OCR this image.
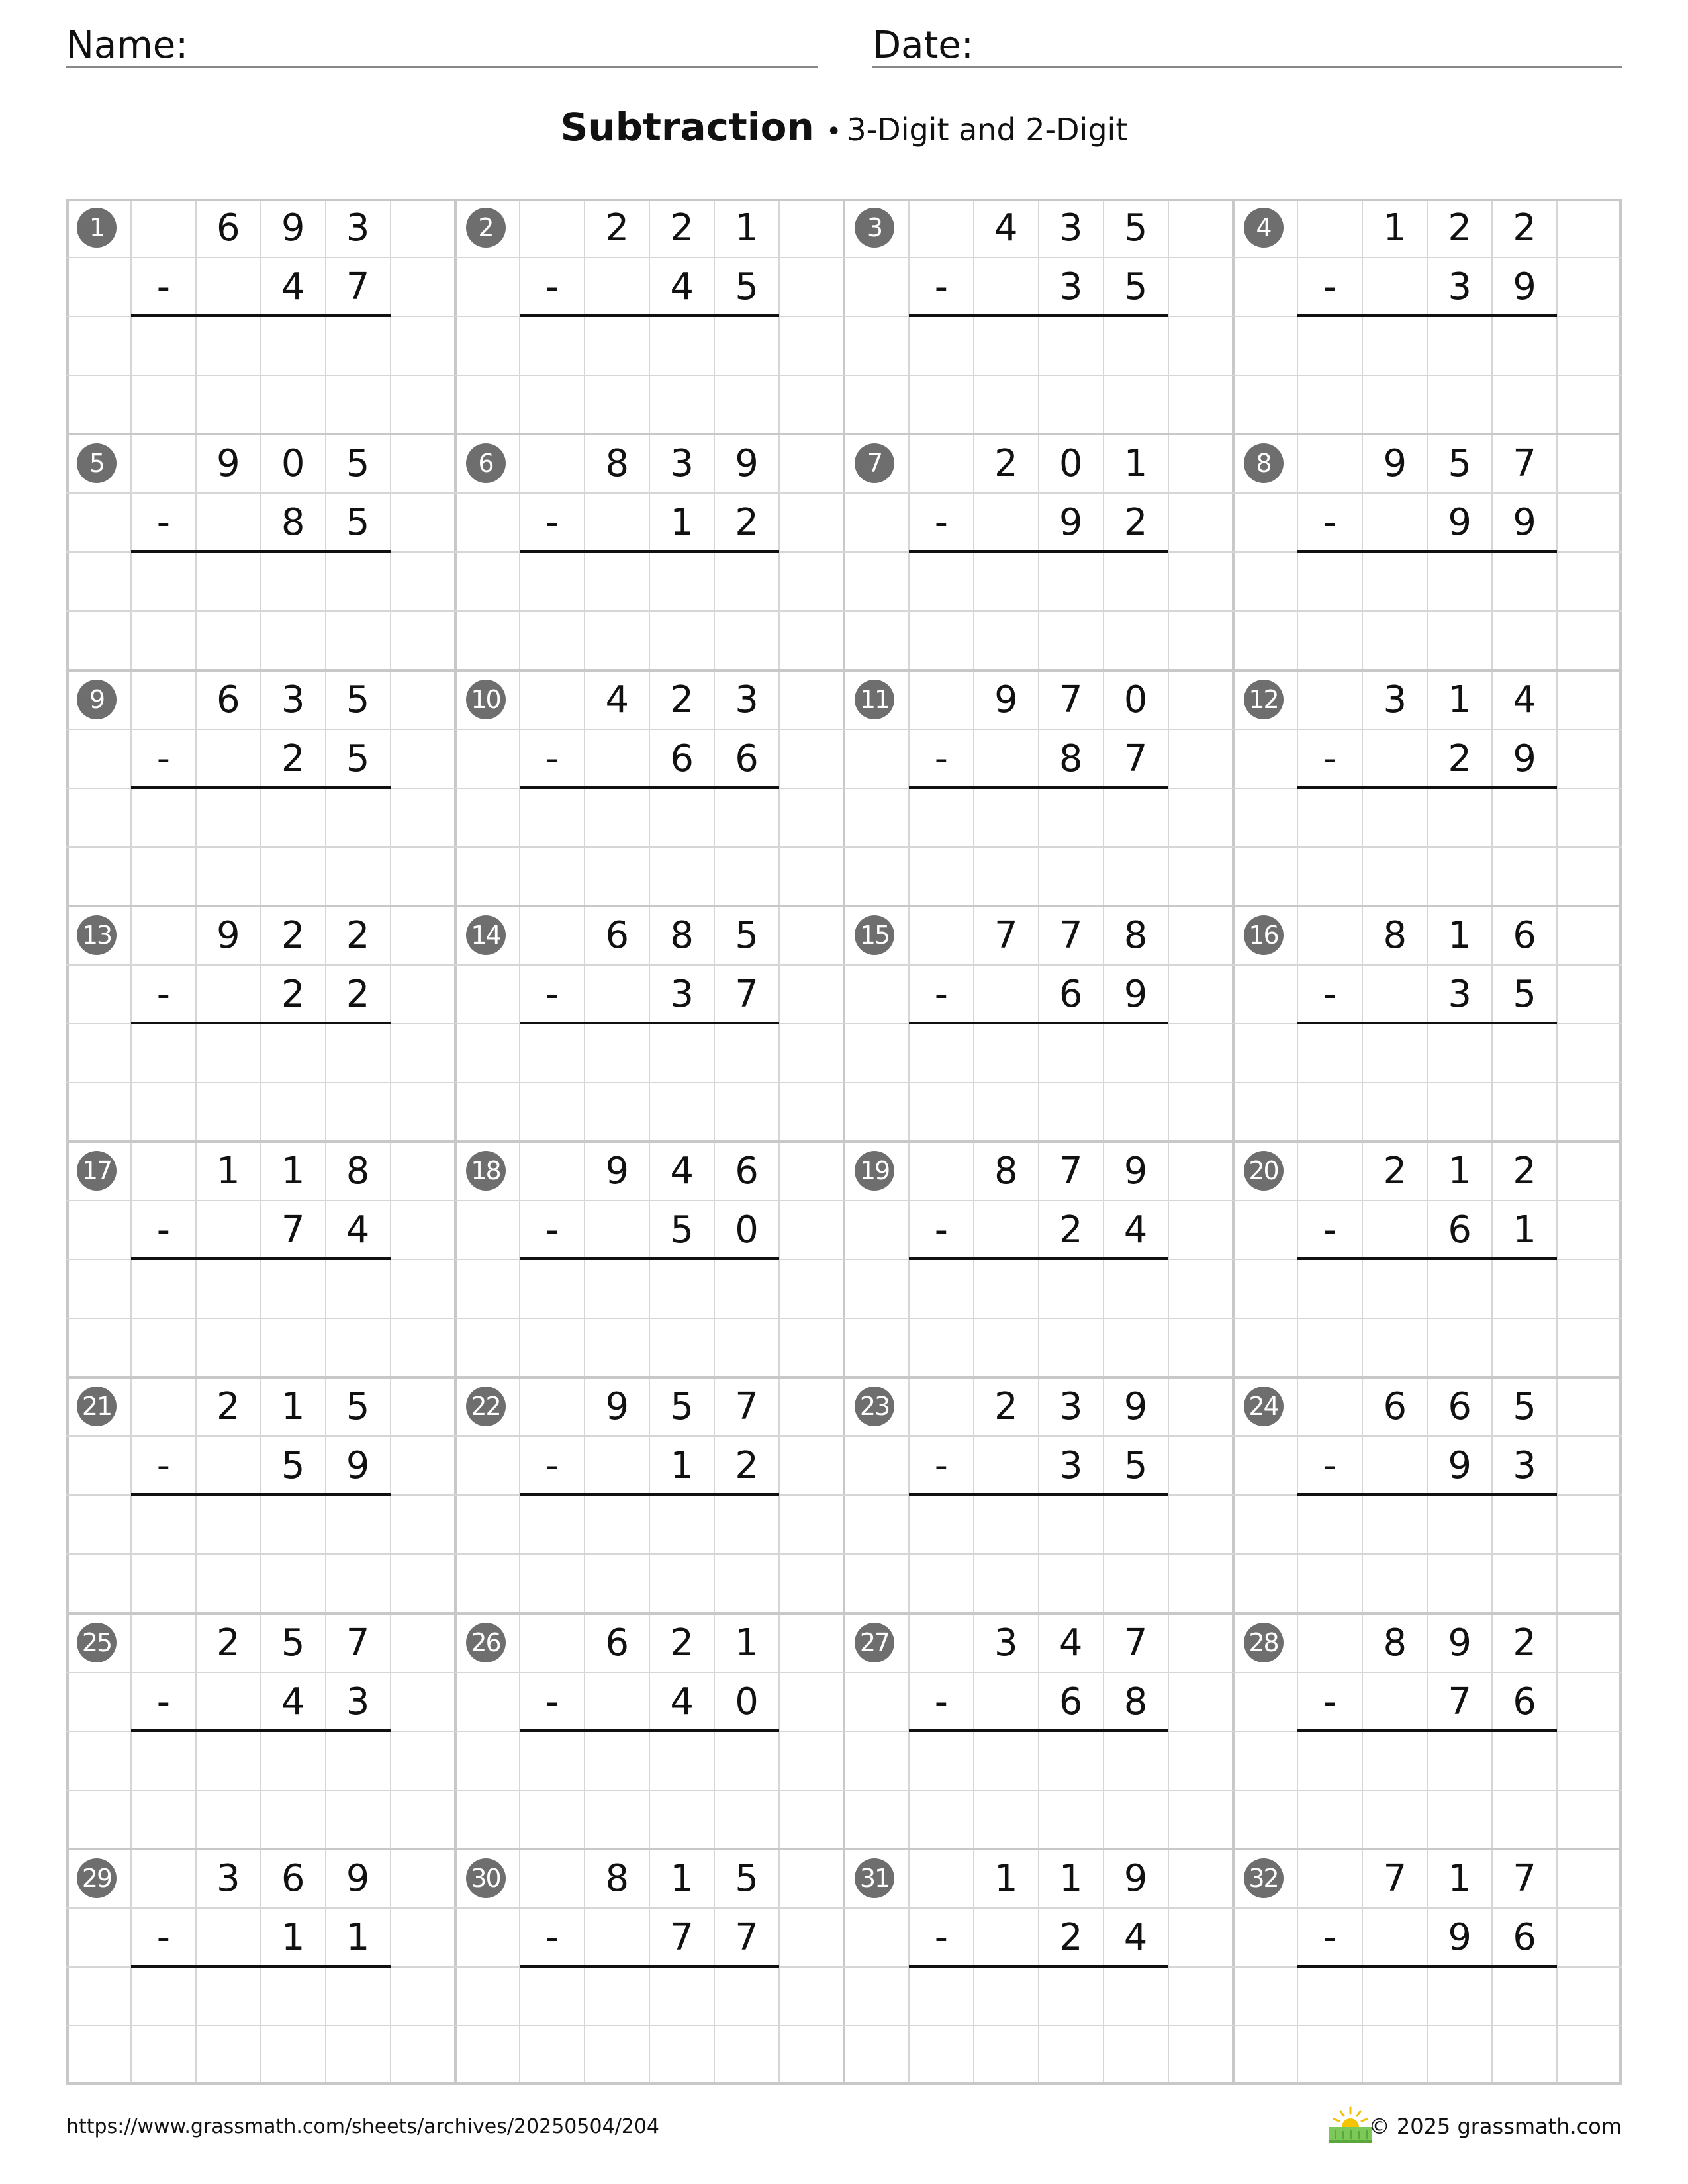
Name:	Date:
Subtraction • 3-Digit and 2-Digit
1	6	9	3
-	4	7
2	2	2	1
-	4	5
3	4	3	5
-	3	5
4	1	2	2
-	3	9
5	9	0	5
-	8	5
6	8	3	9
-	1	2
7	2	0	1
-	9	2
8	9	5	7
-	9	9
9	6	3	5
-	2	5
10	4	2	3
-	6	6
11	9	7	0
-	8	7
12	3	1	4
-	2	9
13	9	2	2
-	2	2
14	6	8	5
-	3	7
15	7	7	8
-	6	9
16	8	1	6
-	3	5
17	1	1	8
-	7	4
18	9	4	6
-	5	0
19	8	7	9
-	2	4
20	2	1	2
-	6	1
21	2	1	5
-	5	9
22	9	5	7
-	1	2
23	2	3	9
-	3	5
24	6	6	5
-	9	3
25	2	5	7
-	4	3
26	6	2	1
-	4	0
27	3	4	7
-	6	8
28	8	9	2
-	7	6
29	3	6	9
-	1	1
30	8	1	5
-	7	7
31	1	1	9
-	2	4
32	7	1	7
-	9	6
https://www.grassmath.com/sheets/archives/20250504/204	© 2025 grassmath.com
